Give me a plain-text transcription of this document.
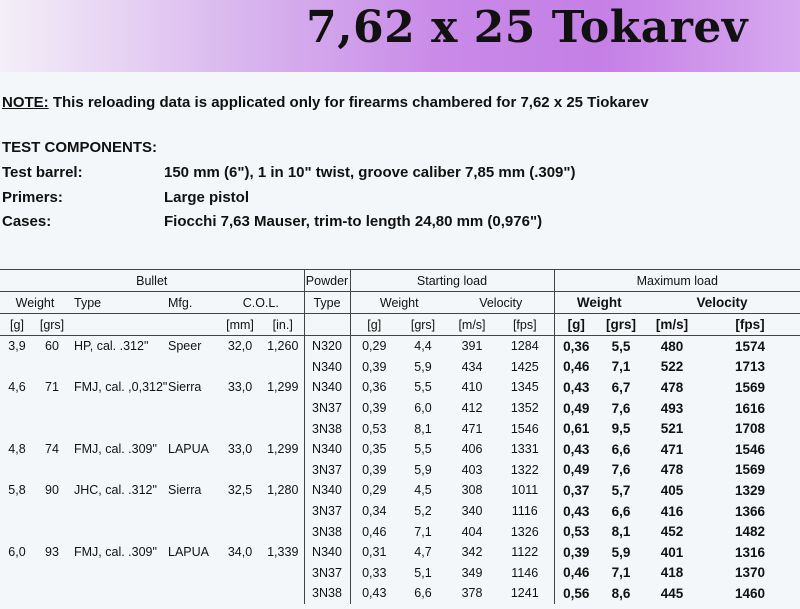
7,62 x 25 Tokarev
NOTE: This reloading data is applicated only for firearms chambered for 7,62 x 25 Tiokarev
TEST COMPONENTS:
Test barrel:	150 mm (6"), 1 in 10" twist, groove caliber 7,85 mm (.309")
Primers:	Large pistol
Cases:	Fiocchi 7,63 Mauser, trim-to length 24,80 mm (0,976")
Bullet						Powder	Starting load				Maximum load			
Weight		Type	Mfg.	C.O.L.		Type	Weight		Velocity		Weight		Velocity	
[g]	[grs]			[mm]	[in.]		[g]	[grs]	[m/s]	[fps]	[g]	[grs]	[m/s]	[fps]
3,9	60	HP, cal. .312"	Speer	32,0	1,260	N320	0,29	4,4	391	1284	0,36	5,5	480	1574
						N340	0,39	5,9	434	1425	0,46	7,1	522	1713
4,6	71	FMJ, cal. ,0,312"	Sierra	33,0	1,299	N340	0,36	5,5	410	1345	0,43	6,7	478	1569
						3N37	0,39	6,0	412	1352	0,49	7,6	493	1616
						3N38	0,53	8,1	471	1546	0,61	9,5	521	1708
4,8	74	FMJ, cal. .309"	LAPUA	33,0	1,299	N340	0,35	5,5	406	1331	0,43	6,6	471	1546
						3N37	0,39	5,9	403	1322	0,49	7,6	478	1569
5,8	90	JHC, cal. .312"	Sierra	32,5	1,280	N340	0,29	4,5	308	1011	0,37	5,7	405	1329
						3N37	0,34	5,2	340	1116	0,43	6,6	416	1366
						3N38	0,46	7,1	404	1326	0,53	8,1	452	1482
6,0	93	FMJ, cal. .309"	LAPUA	34,0	1,339	N340	0,31	4,7	342	1122	0,39	5,9	401	1316
						3N37	0,33	5,1	349	1146	0,46	7,1	418	1370
						3N38	0,43	6,6	378	1241	0,56	8,6	445	1460
